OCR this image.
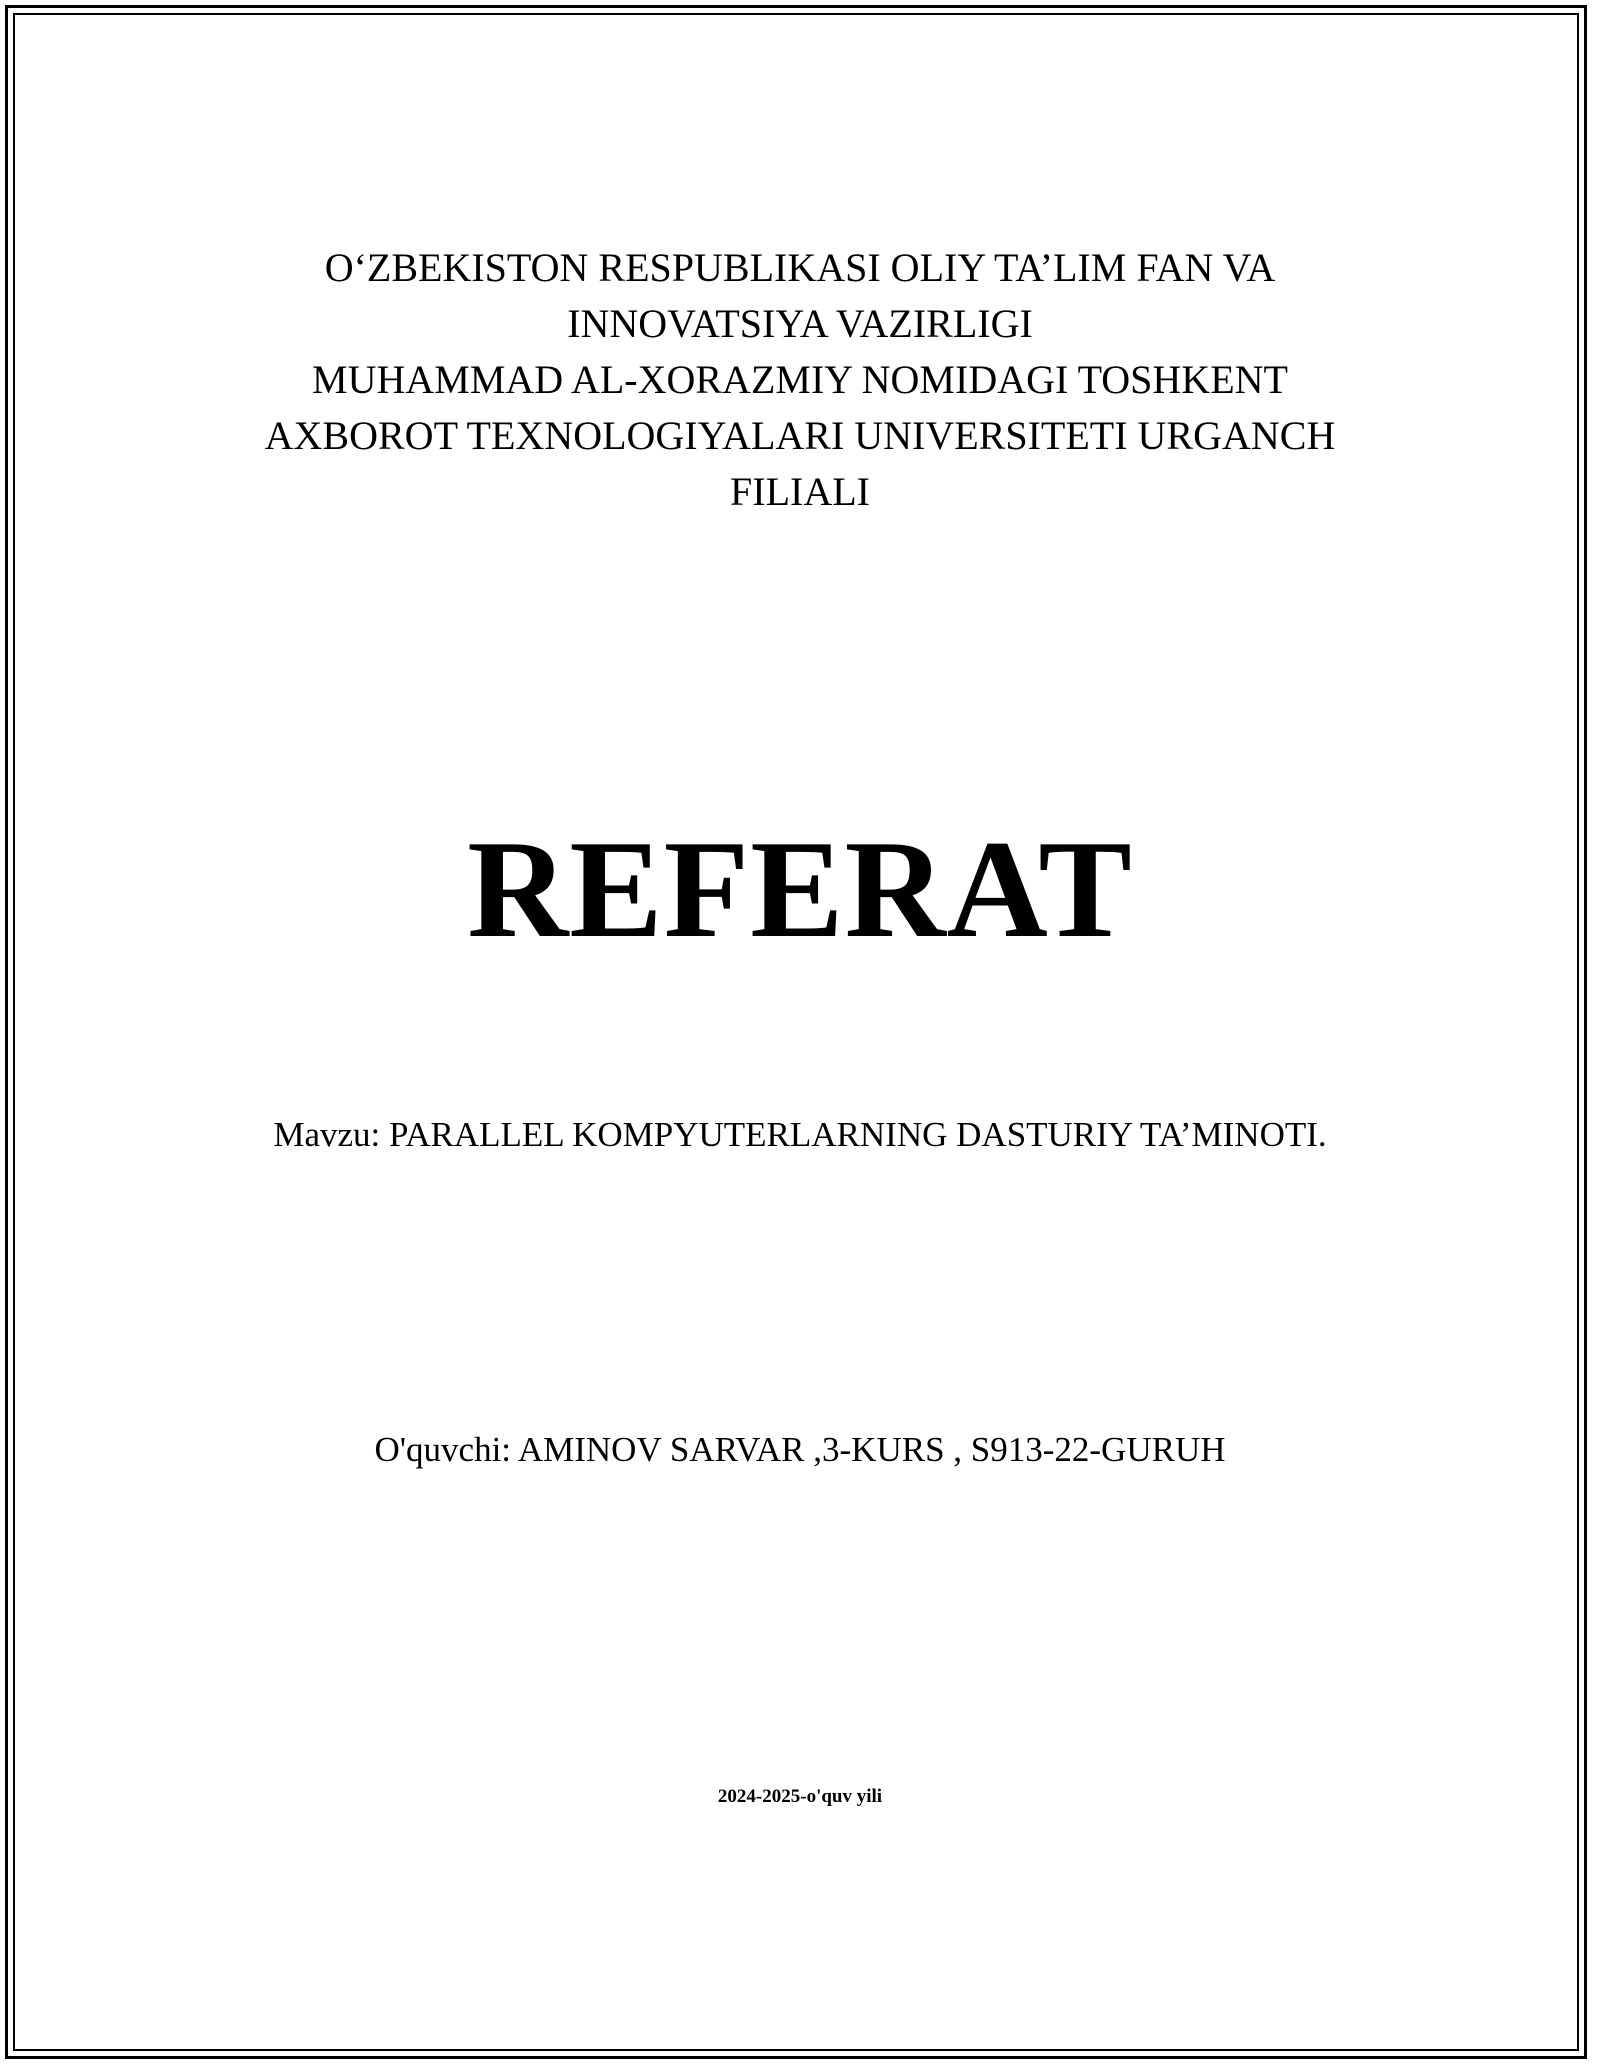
O‘ZBEKISTON RESPUBLIKASI OLIY TA’LIM FAN VA
INNOVATSIYA VAZIRLIGI
MUHAMMAD AL-XORAZMIY NOMIDAGI TOSHKENT
AXBOROT TEXNOLOGIYALARI UNIVERSITETI URGANCH
FILIALI
REFERAT
Mavzu: PARALLEL KOMPYUTERLARNING DASTURIY TA’MINOTI.
O'quvchi: AMINOV SARVAR ,3-KURS , S913-22-GURUH
2024-2025-o'quv yili
